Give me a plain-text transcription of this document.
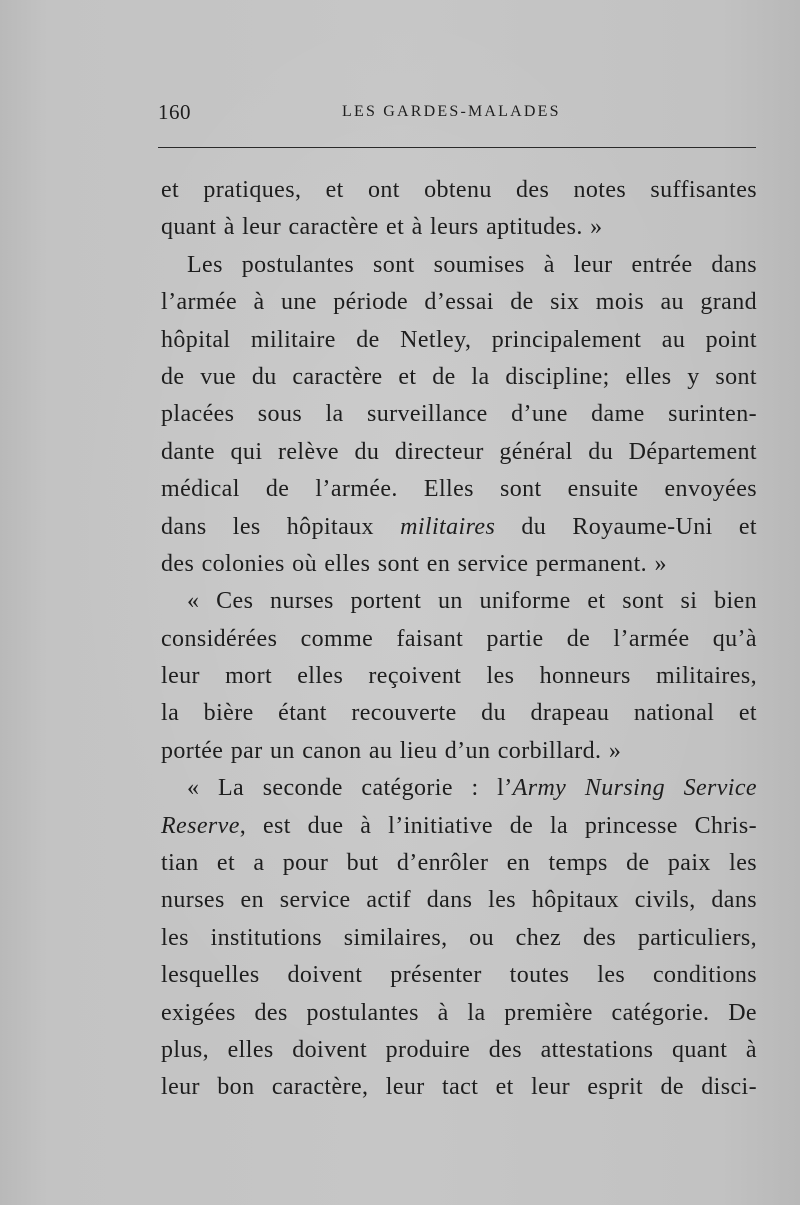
160	LES GARDES-MALADES
et pratiques, et ont obtenu des notes suffisantes
quant à leur caractère et à leurs aptitudes. »
Les postulantes sont soumises à leur entrée dans
l’armée à une période d’essai de six mois au grand
hôpital militaire de Netley, principalement au point
de vue du caractère et de la discipline; elles y sont
placées sous la surveillance d’une dame surinten-
dante qui relève du directeur général du Département
médical de l’armée. Elles sont ensuite envoyées
dans les hôpitaux militaires du Royaume-Uni et
des colonies où elles sont en service permanent. »
« Ces nurses portent un uniforme et sont si bien
considérées comme faisant partie de l’armée qu’à
leur mort elles reçoivent les honneurs militaires,
la bière étant recouverte du drapeau national et
portée par un canon au lieu d’un corbillard. »
« La seconde catégorie : l’Army Nursing Service
Reserve, est due à l’initiative de la princesse Chris-
tian et a pour but d’enrôler en temps de paix les
nurses en service actif dans les hôpitaux civils, dans
les institutions similaires, ou chez des particuliers,
lesquelles doivent présenter toutes les conditions
exigées des postulantes à la première catégorie. De
plus, elles doivent produire des attestations quant à
leur bon caractère, leur tact et leur esprit de disci-
